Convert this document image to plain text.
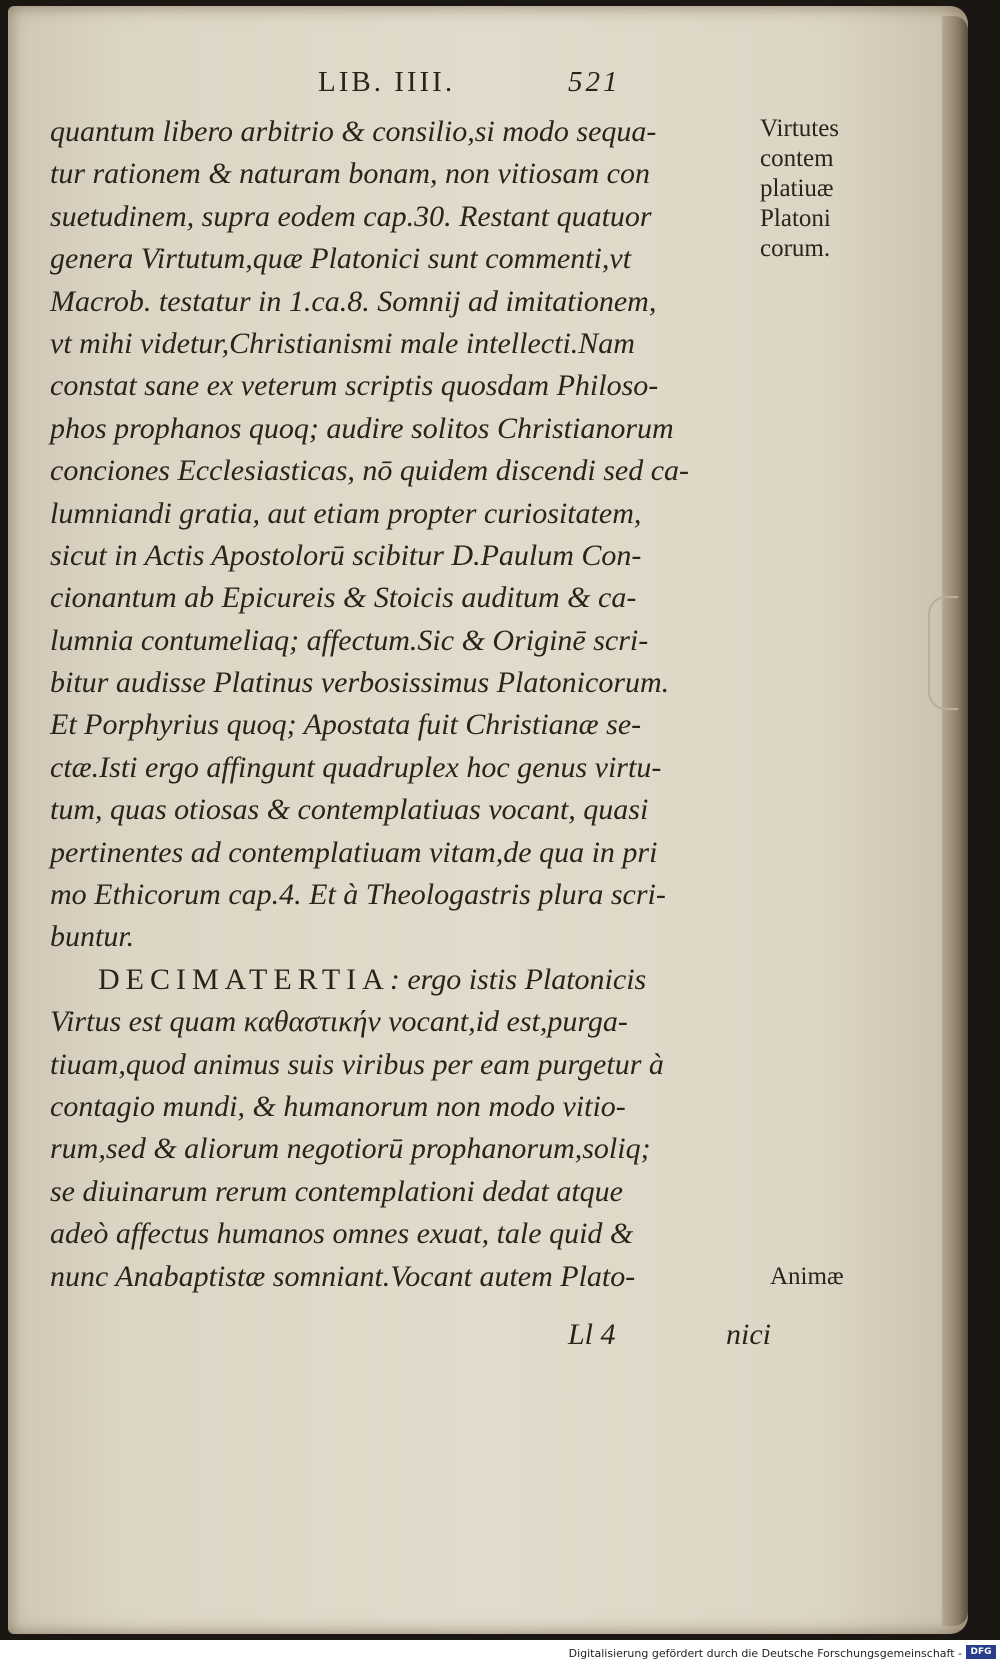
LIB. IIII.	521
quantum libero arbitrio & consilio,si modo sequa-
tur rationem & naturam bonam, non vitiosam con
suetudinem, supra eodem cap.30. Restant quatuor
genera Virtutum,quæ Platonici sunt commenti,vt
Macrob. testatur in 1.ca.8. Somnij ad imitationem,
vt mihi videtur,Christianismi male intellecti.Nam
constat sane ex veterum scriptis quosdam Philoso-
phos prophanos quoq; audire solitos Christianorum
conciones Ecclesiasticas, nō quidem discendi sed ca-
lumniandi gratia, aut etiam propter curiositatem,
sicut in Actis Apostolorū scibitur D.Paulum Con-
cionantum ab Epicureis & Stoicis auditum & ca-
lumnia contumeliaq; affectum.Sic & Originē scri-
bitur audisse Platinus verbosissimus Platonicorum.
Et Porphyrius quoq; Apostata fuit Christianæ se-
ctæ.Isti ergo affingunt quadruplex hoc genus virtu-
tum, quas otiosas & contemplatiuas vocant, quasi
pertinentes ad contemplatiuam vitam,de qua in pri
mo Ethicorum cap.4. Et à Theologastris plura scri-
buntur.
DECIMATERTIA: ergo istis Platonicis
Virtus est quam καθαστικήν vocant,id est,purga-
tiuam,quod animus suis viribus per eam purgetur à
contagio mundi, & humanorum non modo vitio-
rum,sed & aliorum negotiorū prophanorum,soliq;
se diuinarum rerum contemplationi dedat atque
adeò affectus humanos omnes exuat, tale quid &
nunc Anabaptistæ somniant.Vocant autem Plato-
Virtutes
contem
platiuæ
Platoni
corum.
Animæ
Ll 4	nici
Digitalisierung gefördert durch die Deutsche Forschungsgemeinschaft - DFG
